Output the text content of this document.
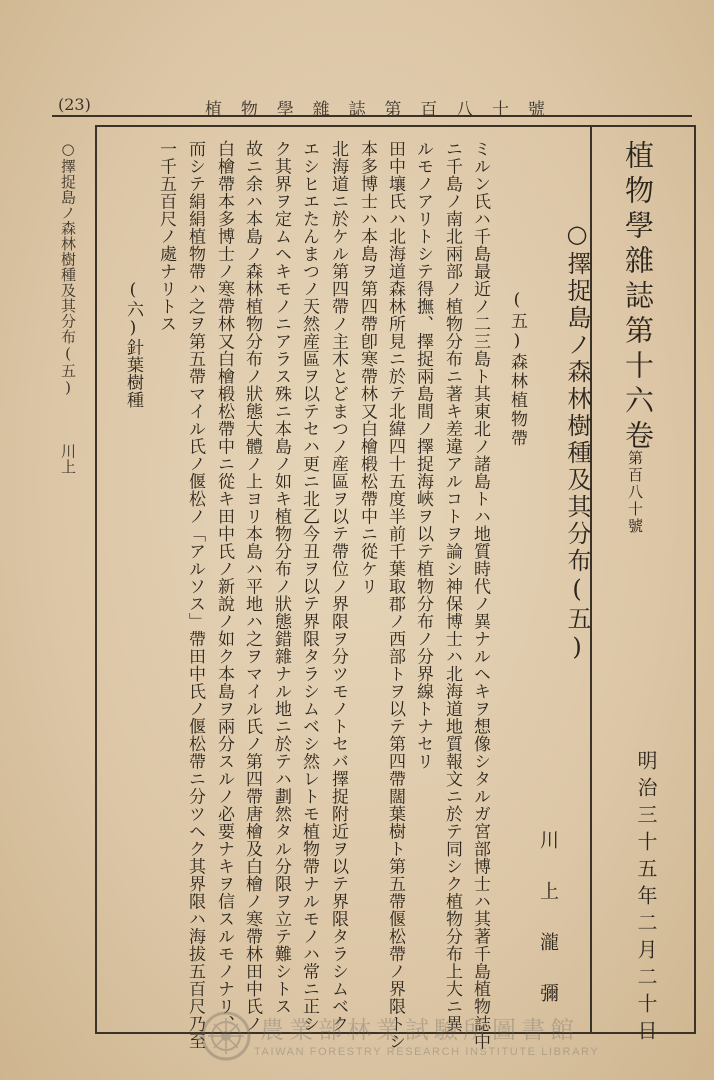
(23)	植 物 學 雜 誌 第 百 八 十 號
植物學雜誌第十六卷
第百八十號
明治三十五年二月二十日
○擇捉島ノ森林樹種及其分布(五)
川上瀧彌
(五)森林植物帶
ミルン氏ハ千島最近ノ二三島ト其東北ノ諸島トハ地質時代ノ異ナルヘキヲ想像シタルガ宮部博士ハ其著千島植物誌中
ニ千島ノ南北兩部ノ植物分布ニ著キ差違アルコトヲ論シ神保博士ハ北海道地質報文ニ於テ同シク植物分布上大ニ異
ルモノアリトシテ得撫、擇捉兩島間ノ擇捉海峽ヲ以テ植物分布ノ分界線トナセリ
田中壤氏ハ北海道森林所見ニ於テ北緯四十五度半前千葉取郡ノ西部トヲ以テ第四帶闊葉樹ト第五帶偃松帶ノ界限トシ
本多博士ハ本島ヲ第四帶卽寒帶林又白檜椴松帶中ニ從ケリ
北海道ニ於ケル第四帶ノ主木とどまつノ産區ヲ以テ帶位ノ界限ヲ分ツモノトセバ擇捉附近ヲ以テ界限タラシムベク
エシヒエたんまつノ天然産區ヲ以テセハ更ニ北乙今丑ヲ以テ界限タラシムベシ然レトモ植物帶ナルモノハ常ニ正シ
ク其界ヲ定ムヘキモノニアラス殊ニ本島ノ如キ植物分布ノ狀態錯雜ナル地ニ於テハ劃然タル分限ヲ立テ難シトス
故ニ余ハ本島ノ森林植物分布ノ狀態大體ノ上ヨリ本島ハ平地ハ之ヲマイル氏ノ第四帶唐檜及白檜ノ寒帶林田中氏ノ
白檜帶本多博士ノ寒帶林又白檜椴松帶中ニ從キ田中氏ノ新說ノ如ク本島ヲ兩分スルノ必要ナキヲ信スルモノナリ、
而シテ絹絹植物帶ハ之ヲ第五帶マイル氏ノ偃松ノ「アルソス」帶田中氏ノ偃松帶ニ分ツヘク其界限ハ海拔五百尺乃至
一千五百尺ノ處ナリトス
(六)針葉樹種
○擇捉島ノ森林樹種及其分布(五)　　　川上
農業部林業試驗所圖書館
TAIWAN FORESTRY RESEARCH INSTITUTE LIBRARY
